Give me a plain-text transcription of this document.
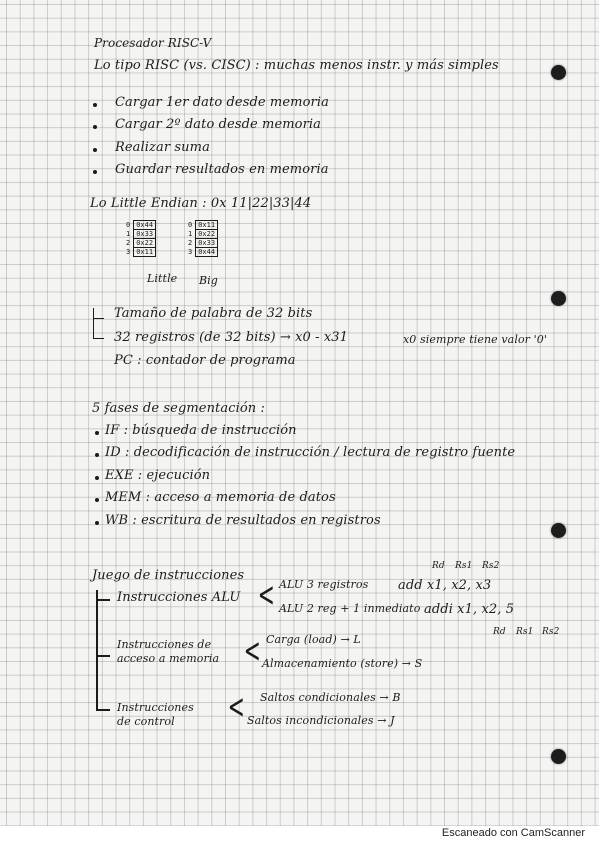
Procesador RISC-V
Lo tipo RISC (vs. CISC) : muchas menos instr. y más simples
Cargar 1er dato desde memoria
Cargar 2º dato desde memoria
Realizar suma
Guardar resultados en memoria
Lo Little Endian : 0x 11|22|33|44
0	0x44
1	0x33
2	0x22
3	0x11
0	0x11
1	0x22
2	0x33
3	0x44
Little Big
Tamaño de palabra de 32 bits
32 registros (de 32 bits) → x0 - x31	x0 siempre tiene valor '0'
PC : contador de programa
5 fases de segmentación :
IF : búsqueda de instrucción
ID : decodificación de instrucción / lectura de registro fuente
EXE : ejecución
MEM : acceso a memoria de datos
WB : escritura de resultados en registros
Juego de instrucciones
Instrucciones ALU < ALU 3 registros add x1, x2, x3
Rd Rs1 Rs2
ALU 2 reg + 1 inmediato addi x1, x2, 5
Rd Rs1 Rs2
Instrucciones de
acceso a memoria < Carga (load) → L
Almacenamiento (store) → S
Instrucciones
de control < Saltos condicionales → B
Saltos incondicionales → J
Escaneado con CamScanner
